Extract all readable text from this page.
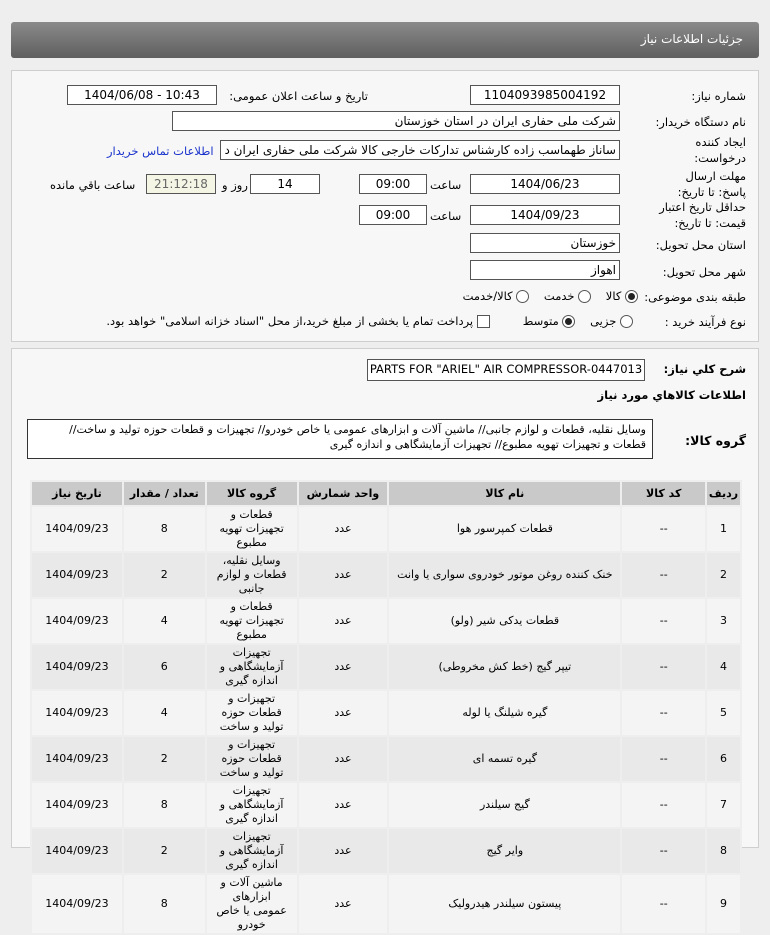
جزئیات اطلاعات نیاز
شماره نیاز:
1104093985004192
تاریخ و ساعت اعلان عمومی:
1404/06/08 - 10:43
نام دستگاه خریدار:
شرکت ملی حفاری ایران در استان خوزستان
ایجاد کننده درخواست:
ساناز طهماسب زاده کارشناس تدارکات خارجی کالا شرکت ملی حفاری ایران د
اطلاعات تماس خریدار
مهلت ارسال پاسخ: تا تاریخ:
1404/06/23
ساعت
09:00
14
روز و
21:12:18
ساعت باقي مانده
حداقل تاریخ اعتبار قیمت: تا تاریخ:
1404/09/23
ساعت
09:00
استان محل تحویل:
خوزستان
شهر محل تحویل:
اهواز
طبقه بندی موضوعی:
کالا     خدمت     کالا/خدمت
نوع فرآیند خرید :
جزیی     متوسط          پرداخت تمام یا بخشی از مبلغ خرید،از محل "اسناد خزانه اسلامی" خواهد بود.
شرح كلي نياز:
PARTS FOR "ARIEL" AIR COMPRESSOR-0447013
اطلاعات كالاهاي مورد نياز
گروه کالا:
وسایل نقلیه، قطعات و لوازم جانبی// ماشین آلات و ابزارهای عمومی یا خاص خودرو// تجهیزات و قطعات حوزه تولید و ساخت// قطعات و تجهیزات تهویه مطبوع// تجهیزات آزمایشگاهی و اندازه گیری
ردیف	کد کالا	نام کالا	واحد شمارش	گروه کالا	تعداد / مقدار	تاریخ نیاز
1	--	قطعات کمپرسور هوا	عدد	قطعات و تجهیزات تهویه مطبوع	8	1404/09/23
2	--	خنک کننده روغن موتور خودروی سواری یا وانت	عدد	وسایل نقلیه، قطعات و لوازم جانبی	2	1404/09/23
3	--	قطعات یدکی شیر (ولو)	عدد	قطعات و تجهیزات تهویه مطبوع	4	1404/09/23
4	--	تیپر گیج (خط کش مخروطی)	عدد	تجهیزات آزمایشگاهی و اندازه گیری	6	1404/09/23
5	--	گیره شیلنگ یا لوله	عدد	تجهیزات و قطعات حوزه تولید و ساخت	4	1404/09/23
6	--	گیره تسمه ای	عدد	تجهیزات و قطعات حوزه تولید و ساخت	2	1404/09/23
7	--	گیج سیلندر	عدد	تجهیزات آزمایشگاهی و اندازه گیری	8	1404/09/23
8	--	وایر گیج	عدد	تجهیزات آزمایشگاهی و اندازه گیری	2	1404/09/23
9	--	پیستون سیلندر هیدرولیک	عدد	ماشین آلات و ابزارهای عمومی یا خاص خودرو	8	1404/09/23
